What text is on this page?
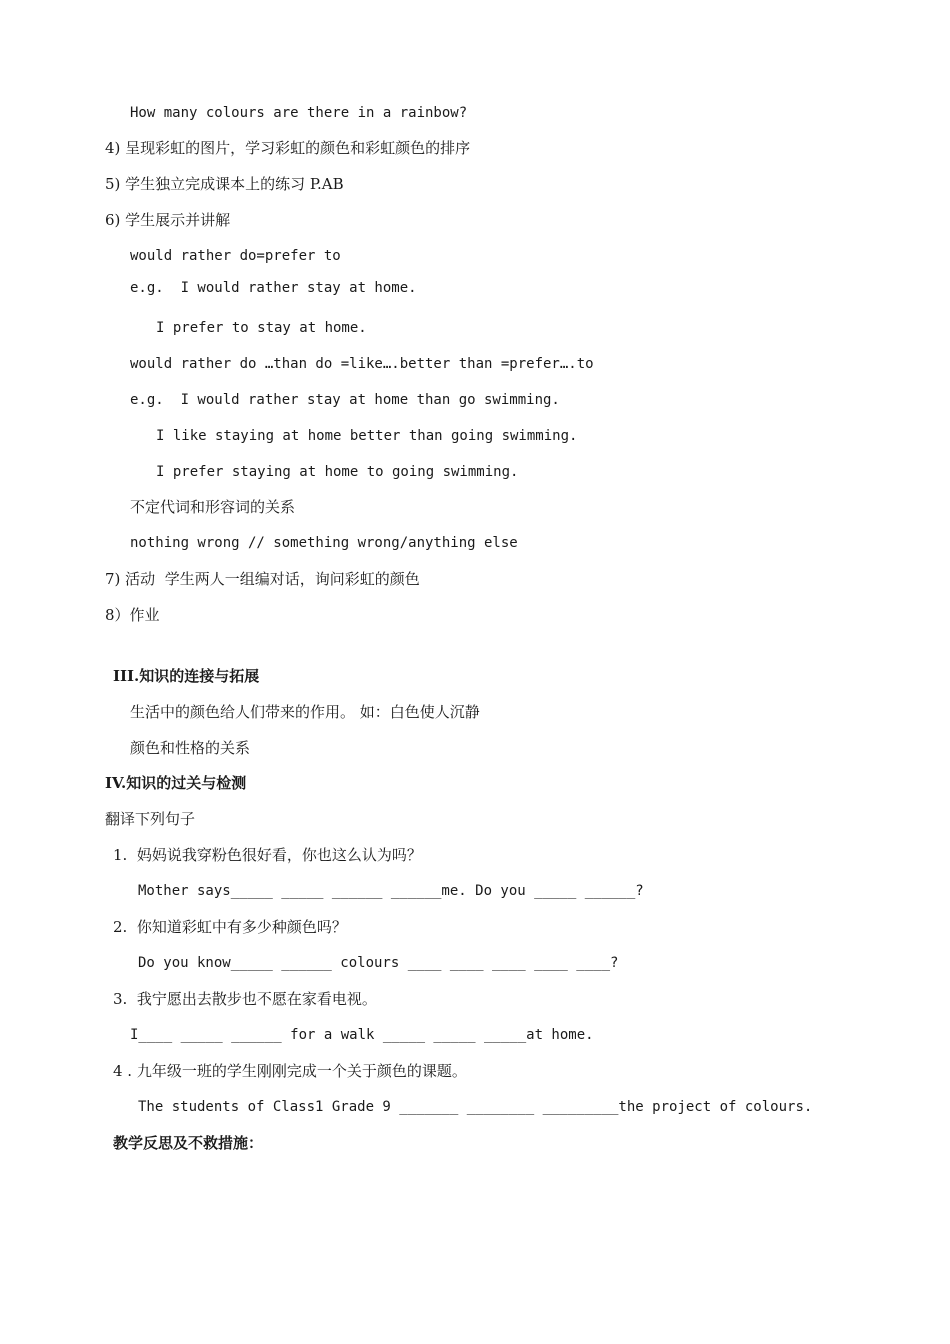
How many colours are there in a rainbow?
4) 呈现彩虹的图片，学习彩虹的颜色和彩虹颜色的排序
5) 学生独立完成课本上的练习 P.AB
6) 学生展示并讲解
would rather do=prefer to
e.g.  I would rather stay at home.
I prefer to stay at home.
would rather do …than do =like….better than =prefer….to
e.g.  I would rather stay at home than go swimming.
I like staying at home better than going swimming.
I prefer staying at home to going swimming.
不定代词和形容词的关系
nothing wrong // something wrong/anything else
7) 活动  学生两人一组编对话，询问彩虹的颜色
8）作业
III.知识的连接与拓展
生活中的颜色给人们带来的作用。 如：白色使人沉静
颜色和性格的关系
IV.知识的过关与检测
翻译下列句子
1.  妈妈说我穿粉色很好看，你也这么认为吗？
Mother says_____ _____ ______ ______me. Do you _____ ______?
2.  你知道彩虹中有多少种颜色吗？
Do you know_____ ______ colours ____ ____ ____ ____ ____?
3.  我宁愿出去散步也不愿在家看电视。
I____ _____ ______ for a walk _____ _____ _____at home.
4 . 九年级一班的学生刚刚完成一个关于颜色的课题。
The students of Class1 Grade 9 _______ ________ _________the project of colours.
教学反思及不救措施：
